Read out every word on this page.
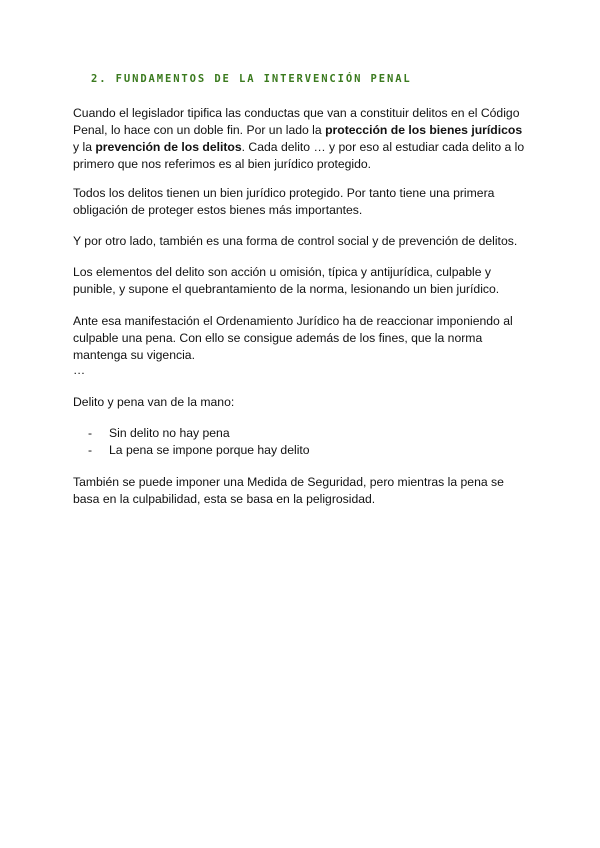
2. FUNDAMENTOS DE LA INTERVENCIÓN PENAL

Cuando el legislador tipifica las conductas que van a constituir delitos en el Código
Penal, lo hace con un doble fin. Por un lado la protección de los bienes jurídicos
y la prevención de los delitos. Cada delito … y por eso al estudiar cada delito a lo
primero que nos referimos es al bien jurídico protegido.

Todos los delitos tienen un bien jurídico protegido. Por tanto tiene una primera
obligación de proteger estos bienes más importantes.

Y por otro lado, también es una forma de control social y de prevención de delitos.

Los elementos del delito son acción u omisión, típica y antijurídica, culpable y
punible, y supone el quebrantamiento de la norma, lesionando un bien jurídico.

Ante esa manifestación el Ordenamiento Jurídico ha de reaccionar imponiendo al
culpable una pena. Con ello se consigue además de los fines, que la norma
mantenga su vigencia.

…

Delito y pena van de la mano:

-	Sin delito no hay pena
-	La pena se impone porque hay delito

También se puede imponer una Medida de Seguridad, pero mientras la pena se
basa en la culpabilidad, esta se basa en la peligrosidad.
